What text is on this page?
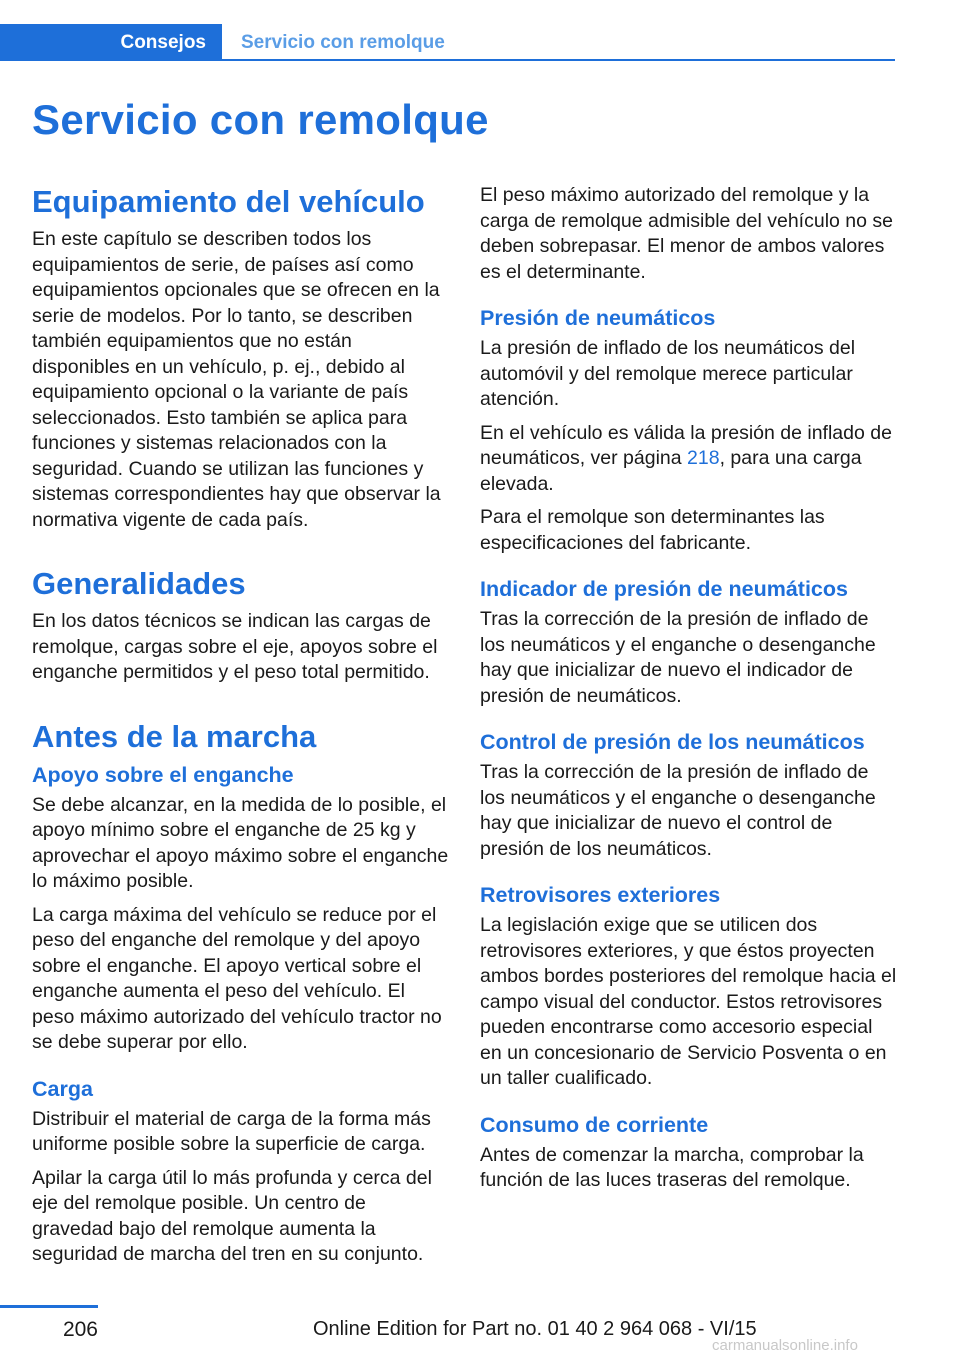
Consejos Servicio con remolque
Servicio con remolque
Equipamiento del vehículo

En este capítulo se describen todos los equipamientos de serie, de países así como equipamientos opcionales que se ofrecen en la serie de modelos. Por lo tanto, se describen también equipamientos que no están disponibles en un vehículo, p. ej., debido al equipamiento opcional o la variante de país seleccionados. Esto también se aplica para funciones y sistemas relacionados con la seguridad. Cuando se utilizan las funciones y sistemas correspondientes hay que observar la normativa vigente de cada país.

Generalidades

En los datos técnicos se indican las cargas de remolque, cargas sobre el eje, apoyos sobre el enganche permitidos y el peso total permitido.

Antes de la marcha
Apoyo sobre el enganche

Se debe alcanzar, en la medida de lo posible, el apoyo mínimo sobre el enganche de 25 kg y aprovechar el apoyo máximo sobre el enganche lo máximo posible.

La carga máxima del vehículo se reduce por el peso del enganche del remolque y del apoyo sobre el enganche. El apoyo vertical sobre el enganche aumenta el peso del vehículo. El peso máximo autorizado del vehículo tractor no se debe superar por ello.

Carga

Distribuir el material de carga de la forma más uniforme posible sobre la superficie de carga.

Apilar la carga útil lo más profunda y cerca del eje del remolque posible. Un centro de gravedad bajo del remolque aumenta la seguridad de marcha del tren en su conjunto.

El peso máximo autorizado del remolque y la carga de remolque admisible del vehículo no se deben sobrepasar. El menor de ambos valores es el determinante.

Presión de neumáticos

La presión de inflado de los neumáticos del automóvil y del remolque merece particular atención.

En el vehículo es válida la presión de inflado de neumáticos, ver página 218, para una carga elevada.

Para el remolque son determinantes las especificaciones del fabricante.

Indicador de presión de neumáticos

Tras la corrección de la presión de inflado de los neumáticos y el enganche o desenganche hay que inicializar de nuevo el indicador de presión de neumáticos.

Control de presión de los neumáticos

Tras la corrección de la presión de inflado de los neumáticos y el enganche o desenganche hay que inicializar de nuevo el control de presión de los neumáticos.

Retrovisores exteriores

La legislación exige que se utilicen dos retrovisores exteriores, y que éstos proyecten ambos bordes posteriores del remolque hacia el campo visual del conductor. Estos retrovisores pueden encontrarse como accesorio especial en un concesionario de Servicio Posventa o en un taller cualificado.

Consumo de corriente

Antes de comenzar la marcha, comprobar la función de las luces traseras del remolque.

206	Online Edition for Part no. 01 40 2 964 068 - VI/15
carmanualsonline.info
